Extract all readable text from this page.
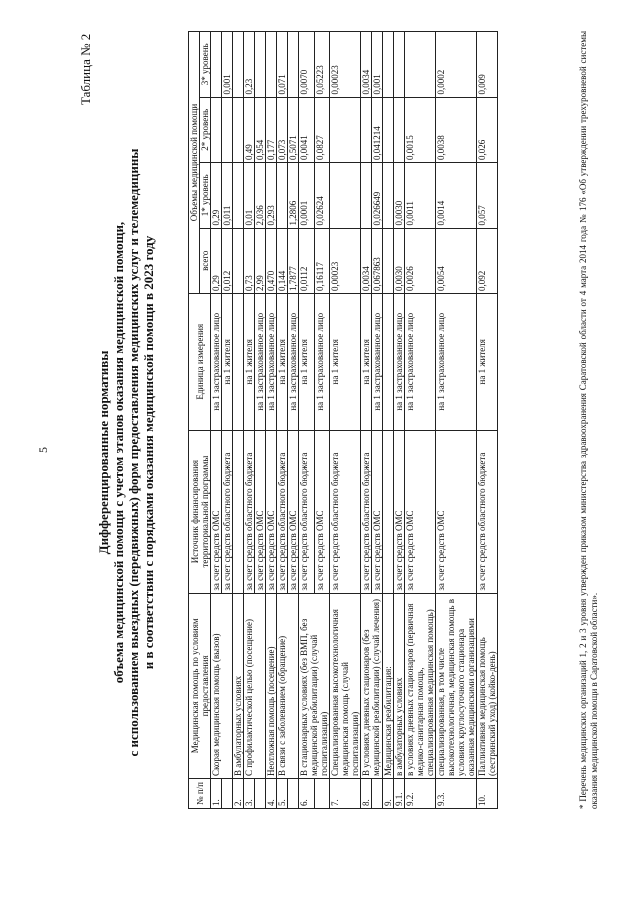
5
Таблица № 2
Дифференцированные нормативы объема медицинской помощи с учетом этапов оказания медицинской помощи, с использованием выездных (передвижных) форм предоставления медицинских услуг и телемедицины и в соответствии с порядками оказания медицинской помощи в 2023 году
№ п/п	Медицинская помощь по условиям предоставления	Источник финансирования территориальной программы	Единица измерения	Объемы медицинской помощи			
				всего	1* уровень	2* уровень	3* уровень
1.	Скорая медицинская помощь (вызов)	за счет средств ОМС	на 1 застрахованное лицо	0,29	0,29		
		за счет средств областного бюджета	на 1 жителя	0,012	0,011		0,001
2.	В амбулаторных условиях						
3.	С профилактической целью (посещение)	за счет средств областного бюджета	на 1 жителя	0,73	0,01	0,49	0,23
		за счет средств ОМС	на 1 застрахованное лицо	2,99	2,036	0,954	
4.	Неотложная помощь (посещение)	за счет средств ОМС	на 1 застрахованное лицо	0,470	0,293	0,177	
5.	В связи с заболеванием (обращение)	за счет средств областного бюджета	на 1 жителя	0,144		0,073	0,071
		за счет средств ОМС	на 1 застрахованное лицо	1,7877	1,2806	0,5071	
6.	В стационарных условиях (без ВМП, без медицинской реабилитации) (случай госпитализации)	за счет средств областного бюджета	на 1 жителя	0,0112	0,0001	0,0041	0,0070
		за счет средств ОМС	на 1 застрахованное лицо	0,16117	0,02624	0,0827	0,05223
7.	Специализированная высокотехнологичная медицинская помощь (случай госпитализации)	за счет средств областного бюджета	на 1 жителя	0,00023			0,00023
8.	В условиях дневных стационаров (без медицинской реабилитации) (случай лечения)	за счет средств областного бюджета	на 1 жителя	0,0034			0,0034
		за счет средств ОМС	на 1 застрахованное лицо	0,067863	0,026649	0,041214	0,001
9.	Медицинская реабилитация:						
9.1.	в амбулаторных условиях	за счет средств ОМС	на 1 застрахованное лицо	0,0030	0,0030		
9.2.	в условиях дневных стационаров (первичная медико-санитарная помощь, специализированная медицинская помощь)	за счет средств ОМС	на 1 застрахованное лицо	0,0026	0,0011	0,0015	
9.3.	специализированная, в том числе высокотехнологичная, медицинская помощь в условиях круглосуточного стационара оказанная медицинскими организациями	за счет средств ОМС	на 1 застрахованное лицо	0,0054	0,0014	0,0038	0,0002
10.	Паллиативная медицинская помощь (сестринский уход) (койко-день)	за счет средств областного бюджета	на 1 жителя	0,092	0,057	0,026	0,009	* Перечень медицинских организаций 1, 2 и 3 уровня утвержден приказом министерства здравоохранения Саратовской области от 4 марта 2014 года № 176 «Об утверждении трехуровневой системы оказания медицинской помощи в Саратовской области».
